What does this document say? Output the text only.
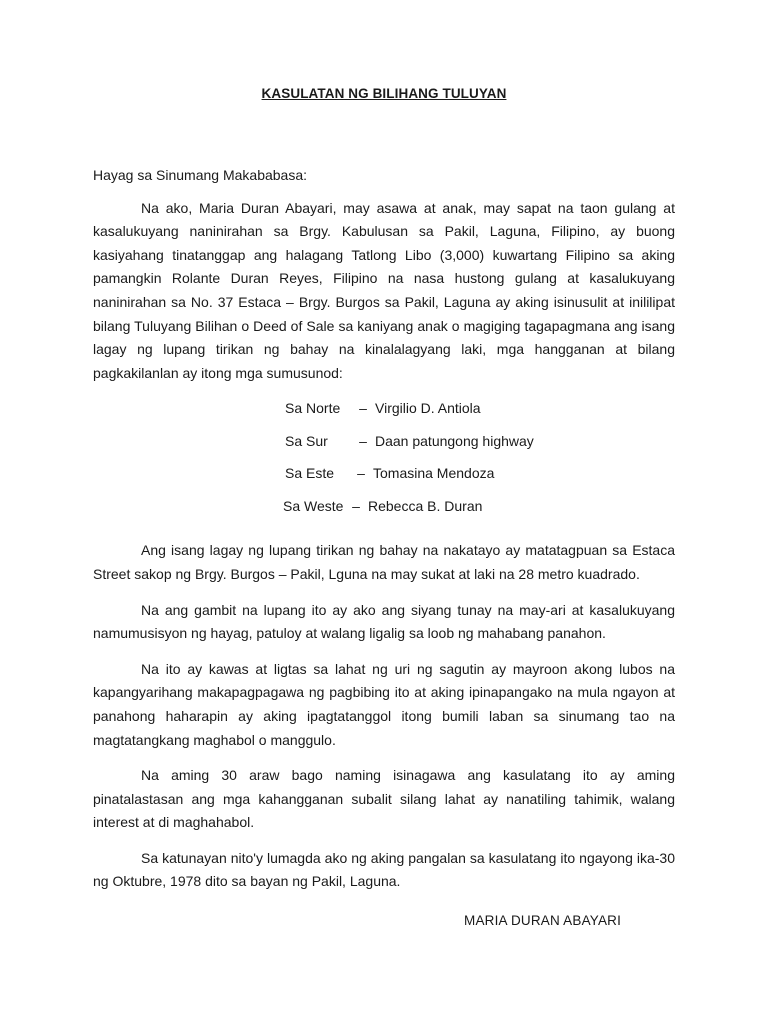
KASULATAN NG BILIHANG TULUYAN
Hayag sa Sinumang Makababasa:

Na ako, Maria Duran Abayari, may asawa at anak, may sapat na taon gulang at kasalukuyang naninirahan sa Brgy. Kabulusan sa Pakil, Laguna, Filipino, ay buong kasiyahang tinatanggap ang halagang Tatlong Libo (3,000) kuwartang Filipino sa aking pamangkin Rolante Duran Reyes, Filipino na nasa hustong gulang at kasalukuyang naninirahan sa No. 37 Estaca – Brgy. Burgos sa Pakil, Laguna ay aking isinusulit at inililipat bilang Tuluyang Bilihan o Deed of Sale sa kaniyang anak o magiging tagapagmana ang isang lagay ng lupang tirikan ng bahay na kinalalagyang laki, mga hangganan at bilang pagkakilanlan ay itong mga sumusunod:

Sa Norte – Virgilio D. Antiola
Sa Sur – Daan patungong highway
Sa Este – Tomasina Mendoza
Sa Weste – Rebecca B. Duran

Ang isang lagay ng lupang tirikan ng bahay na nakatayo ay matatagpuan sa Estaca Street sakop ng Brgy. Burgos – Pakil, Lguna na may sukat at laki na 28 metro kuadrado.

Na ang gambit na lupang ito ay ako ang siyang tunay na may-ari at kasalukuyang namumusisyon ng hayag, patuloy at walang ligalig sa loob ng mahabang panahon.

Na ito ay kawas at ligtas sa lahat ng uri ng sagutin ay mayroon akong lubos na kapangyarihang makapagpagawa ng pagbibing ito at aking ipinapangako na mula ngayon at panahong haharapin ay aking ipagtatanggol itong bumili laban sa sinumang tao na magtatangkang maghabol o manggulo.

Na aming 30 araw bago naming isinagawa ang kasulatang ito ay aming pinatalastasan ang mga kahangganan subalit silang lahat ay nanatiling tahimik, walang interest at di maghahabol.

Sa katunayan nito'y lumagda ako ng aking pangalan sa kasulatang ito ngayong ika-30 ng Oktubre, 1978 dito sa bayan ng Pakil, Laguna.

MARIA DURAN ABAYARI
